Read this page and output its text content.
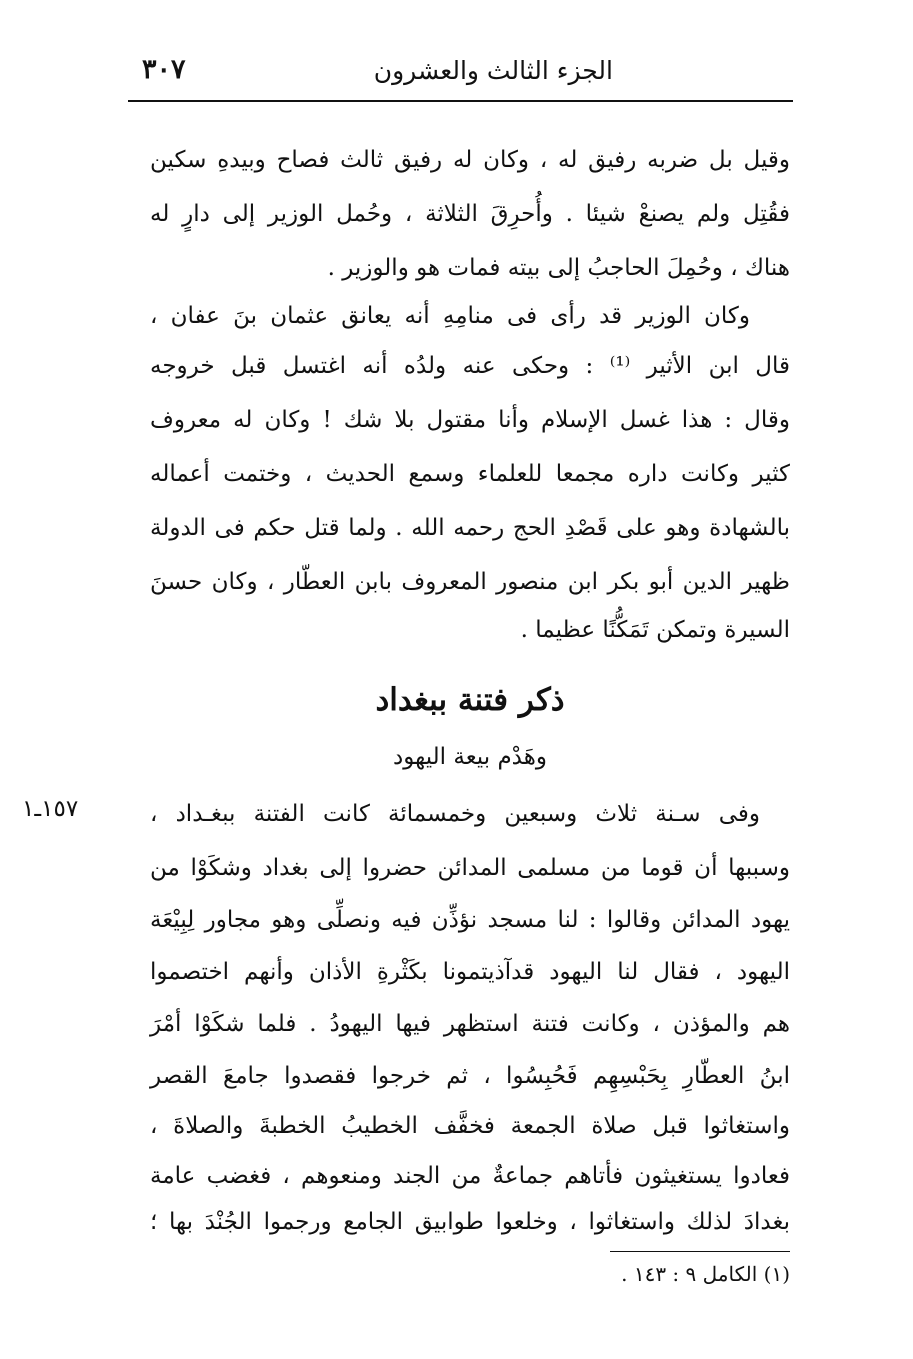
الجزء الثالث والعشرون
٣٠٧
وقيل بل ضربه رفيق له ، وكان له رفيق ثالث فصاح وبيدهِ سكين
فقُتِل ولم يصنعْ شيئا . وأُحرِقَ الثلاثة ، وحُمل الوزير إلى دارٍ له
هناك ، وحُمِلَ الحاجبُ إلى بيته فمات هو والوزير .
وكان الوزير قد رأى فى منامِهِ أنه يعانق عثمان بنَ عفان ،
قال ابن الأثير ⁽¹⁾ : وحكى عنه ولدُه أنه اغتسل قبل خروجه
وقال : هذا غسل الإسلام وأنا مقتول بلا شك ! وكان له معروف
كثير وكانت داره مجمعا للعلماء وسمع الحديث ، وختمت أعماله
بالشهادة وهو على قَصْدِ الحج رحمه الله . ولما قتل حكم فى الدولة
ظهير الدين أبو بكر ابن منصور المعروف بابن العطّار ، وكان حسنَ
السيرة وتمكن تَمَكُّنًا عظيما .
ذكر فتنة ببغداد
وهَدْم بيعة اليهود
١٥٧ـ١	وفى سـنة ثلاث وسبعين وخمسمائة كانت الفتنة ببغـداد ،
وسببها أن قوما من مسلمى المدائن حضروا إلى بغداد وشكَوْا من
يهود المدائن وقالوا : لنا مسجد نؤذِّن فيه ونصلِّى وهو مجاور لِبِيْعَة
اليهود ، فقال لنا اليهود قدآذيتمونا بكَثْرةِ الأذان وأنهم اختصموا
هم والمؤذن ، وكانت فتنة استظهر فيها اليهودُ . فلما شكَوْا أمْرَ
ابنُ العطّارِ بِحَبْسِهِم فَحُبِسُوا ، ثم خرجوا فقصدوا جامعَ القصر
واستغاثوا قبل صلاة الجمعة فخفَّف الخطيبُ الخطبةَ والصلاةَ ،
فعادوا يستغيثون فأتاهم جماعةٌ من الجند ومنعوهم ، فغضب عامة
بغدادَ لذلك واستغاثوا ، وخلعوا طوابيق الجامع ورجموا الجُنْدَ بها ؛
(١) الكامل ٩ : ١٤٣ .
